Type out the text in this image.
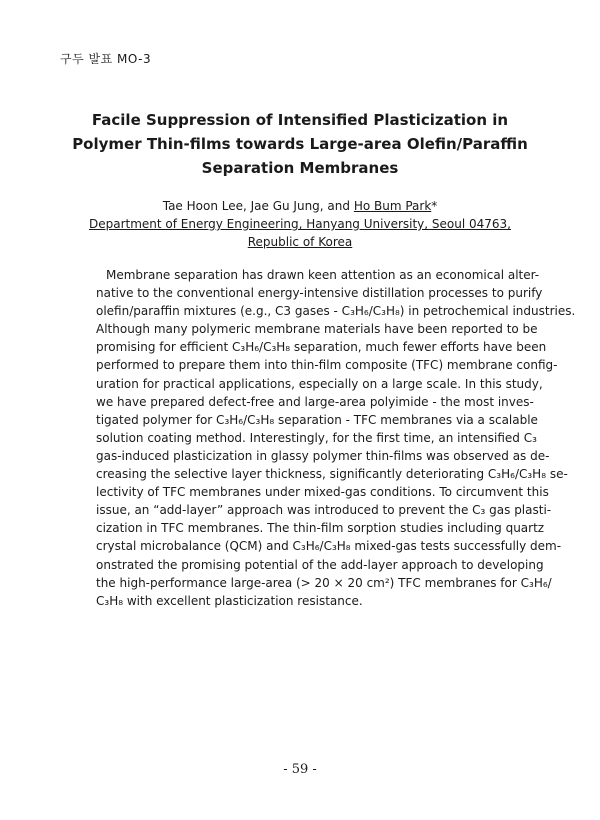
구두 발표 MO-3
Facile Suppression of Intensified Plasticization in
Polymer Thin-films towards Large-area Olefin/Paraffin
Separation Membranes
Tae Hoon Lee, Jae Gu Jung, and Ho Bum Park*
Department of Energy Engineering, Hanyang University, Seoul 04763,
Republic of Korea
Membrane separation has drawn keen attention as an economical alter-
native to the conventional energy-intensive distillation processes to purify
olefin/paraffin mixtures (e.g., C3 gases - C₃H₆/C₃H₈) in petrochemical industries.
Although many polymeric membrane materials have been reported to be
promising for efficient C₃H₆/C₃H₈ separation, much fewer efforts have been
performed to prepare them into thin-film composite (TFC) membrane config-
uration for practical applications, especially on a large scale. In this study,
we have prepared defect-free and large-area polyimide - the most inves-
tigated polymer for C₃H₆/C₃H₈ separation - TFC membranes via a scalable
solution coating method. Interestingly, for the first time, an intensified C₃
gas-induced plasticization in glassy polymer thin-films was observed as de-
creasing the selective layer thickness, significantly deteriorating C₃H₆/C₃H₈ se-
lectivity of TFC membranes under mixed-gas conditions. To circumvent this
issue, an “add-layer” approach was introduced to prevent the C₃ gas plasti-
cization in TFC membranes. The thin-film sorption studies including quartz
crystal microbalance (QCM) and C₃H₆/C₃H₈ mixed-gas tests successfully dem-
onstrated the promising potential of the add-layer approach to developing
the high-performance large-area (> 20 × 20 cm²) TFC membranes for C₃H₆/
C₃H₈ with excellent plasticization resistance.
- 59 -
